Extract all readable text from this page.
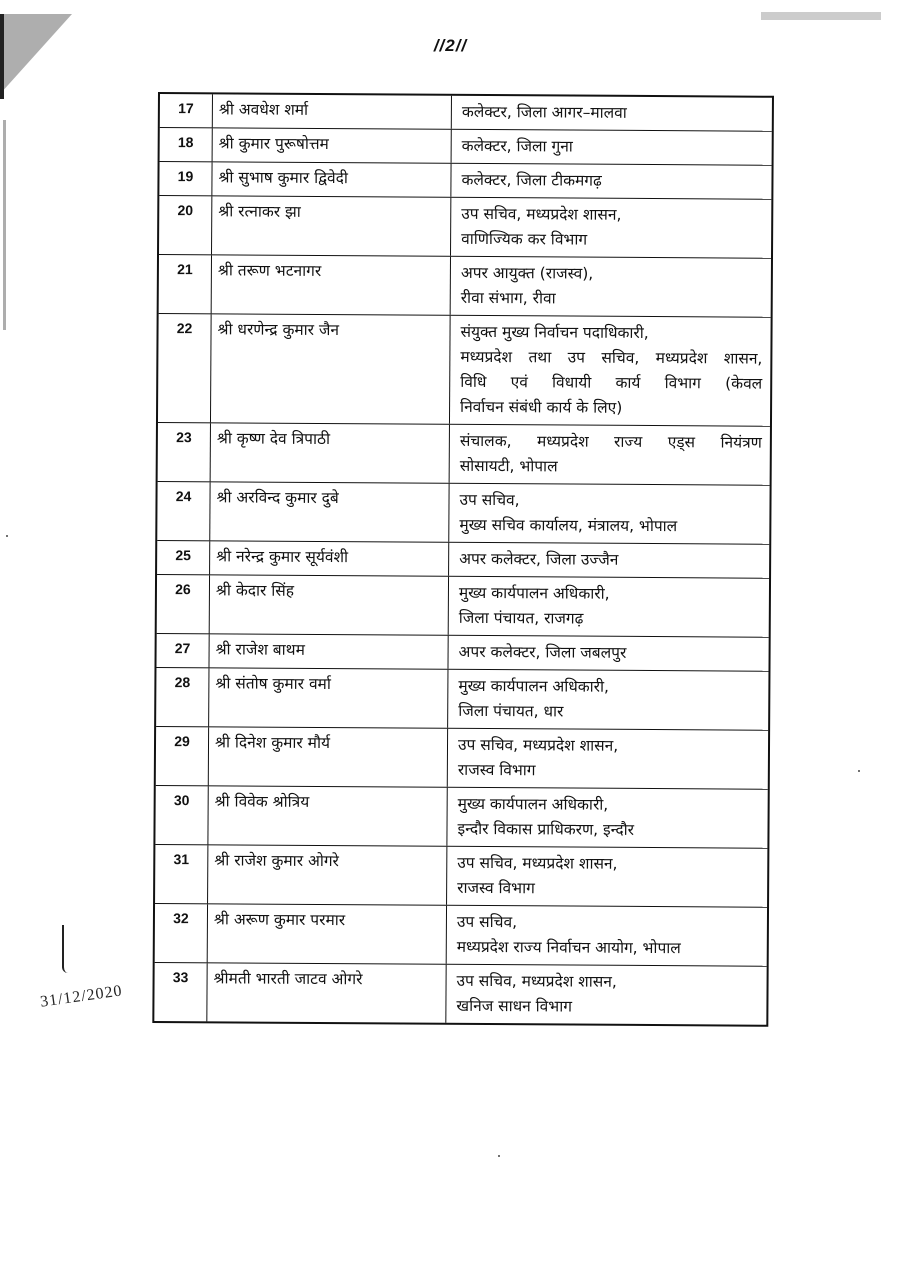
//2//
17	श्री अवधेश शर्मा	कलेक्टर, जिला आगर–मालवा
18	श्री कुमार पुरूषोत्तम	कलेक्टर, जिला गुना
19	श्री सुभाष कुमार द्विवेदी	कलेक्टर, जिला टीकमगढ़
20	श्री रत्नाकर झा	उप सचिव, मध्यप्रदेश शासन,
वाणिज्यिक कर विभाग
21	श्री तरूण भटनागर	अपर आयुक्त (राजस्व),
रीवा संभाग, रीवा
22	श्री धरणेन्द्र कुमार जैन	संयुक्त मुख्य निर्वाचन पदाधिकारी,
मध्यप्रदेश तथा उप सचिव, मध्यप्रदेश शासन,
विधि एवं विधायी कार्य विभाग (केवल
निर्वाचन संबंधी कार्य के लिए)
23	श्री कृष्ण देव त्रिपाठी	संचालक, मध्यप्रदेश राज्य एड्स नियंत्रण
सोसायटी, भोपाल
24	श्री अरविन्द कुमार दुबे	उप सचिव,
मुख्य सचिव कार्यालय, मंत्रालय, भोपाल
25	श्री नरेन्द्र कुमार सूर्यवंशी	अपर कलेक्टर, जिला उज्जैन
26	श्री केदार सिंह	मुख्य कार्यपालन अधिकारी,
जिला पंचायत, राजगढ़
27	श्री राजेश बाथम	अपर कलेक्टर, जिला जबलपुर
28	श्री संतोष कुमार वर्मा	मुख्य कार्यपालन अधिकारी,
जिला पंचायत, धार
29	श्री दिनेश कुमार मौर्य	उप सचिव, मध्यप्रदेश शासन,
राजस्व विभाग
30	श्री विवेक श्रोत्रिय	मुख्य कार्यपालन अधिकारी,
इन्दौर विकास प्राधिकरण, इन्दौर
31	श्री राजेश कुमार ओगरे	उप सचिव, मध्यप्रदेश शासन,
राजस्व विभाग
32	श्री अरूण कुमार परमार	उप सचिव,
मध्यप्रदेश राज्य निर्वाचन आयोग, भोपाल
33	श्रीमती भारती जाटव ओगरे	उप सचिव, मध्यप्रदेश शासन,
खनिज साधन विभाग
31/12/2020
